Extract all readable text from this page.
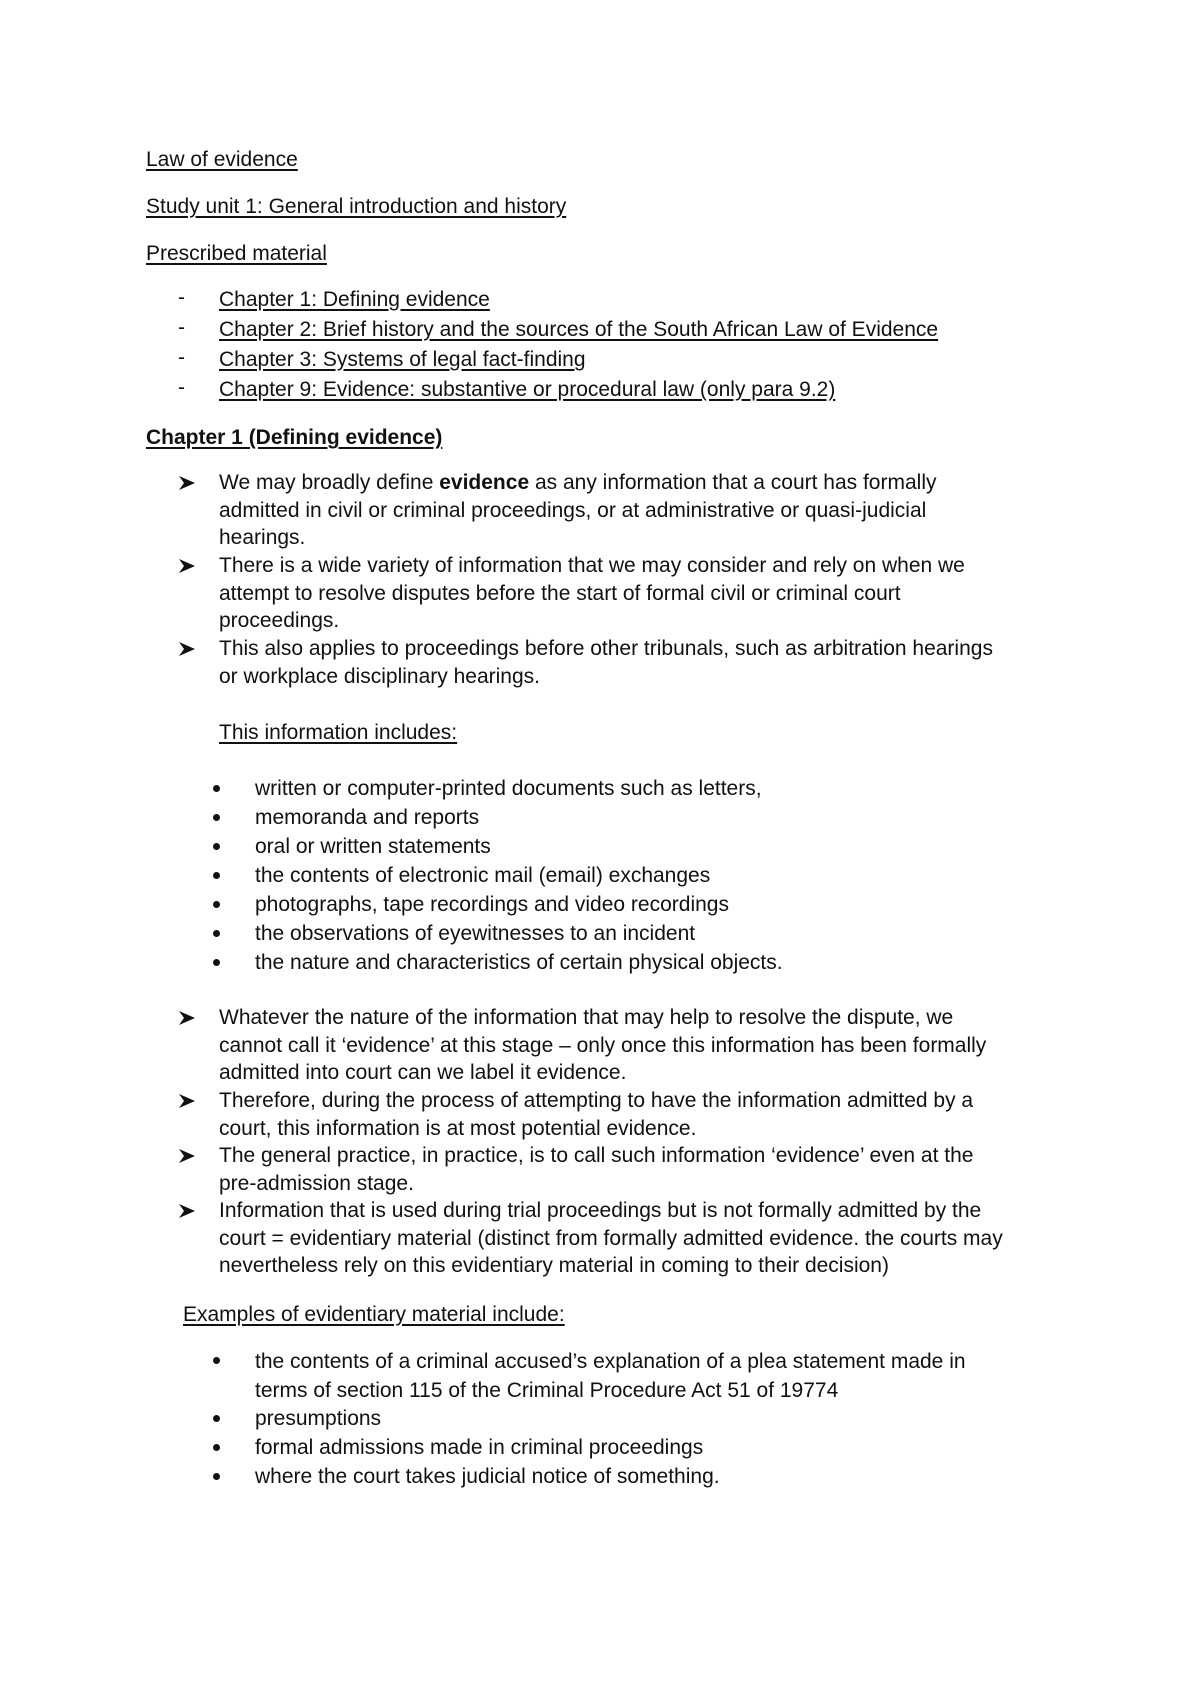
Law of evidence
Study unit 1: General introduction and history
Prescribed material
- Chapter 1: Defining evidence
- Chapter 2: Brief history and the sources of the South African Law of Evidence
- Chapter 3: Systems of legal fact-finding
- Chapter 9: Evidence: substantive or procedural law (only para 9.2)
Chapter 1 (Defining evidence)
We may broadly define evidence as any information that a court has formally
admitted in civil or criminal proceedings, or at administrative or quasi-judicial
hearings.
There is a wide variety of information that we may consider and rely on when we
attempt to resolve disputes before the start of formal civil or criminal court
proceedings.
This also applies to proceedings before other tribunals, such as arbitration hearings
or workplace disciplinary hearings.
This information includes:
written or computer-printed documents such as letters,
memoranda and reports
oral or written statements
the contents of electronic mail (email) exchanges
photographs, tape recordings and video recordings
the observations of eyewitnesses to an incident
the nature and characteristics of certain physical objects.
Whatever the nature of the information that may help to resolve the dispute, we
cannot call it ‘evidence’ at this stage – only once this information has been formally
admitted into court can we label it evidence.
Therefore, during the process of attempting to have the information admitted by a
court, this information is at most potential evidence.
The general practice, in practice, is to call such information ‘evidence’ even at the
pre-admission stage.
Information that is used during trial proceedings but is not formally admitted by the
court = evidentiary material (distinct from formally admitted evidence. the courts may
nevertheless rely on this evidentiary material in coming to their decision)
Examples of evidentiary material include:
the contents of a criminal accused’s explanation of a plea statement made in
terms of section 115 of the Criminal Procedure Act 51 of 19774
presumptions
formal admissions made in criminal proceedings
where the court takes judicial notice of something.
